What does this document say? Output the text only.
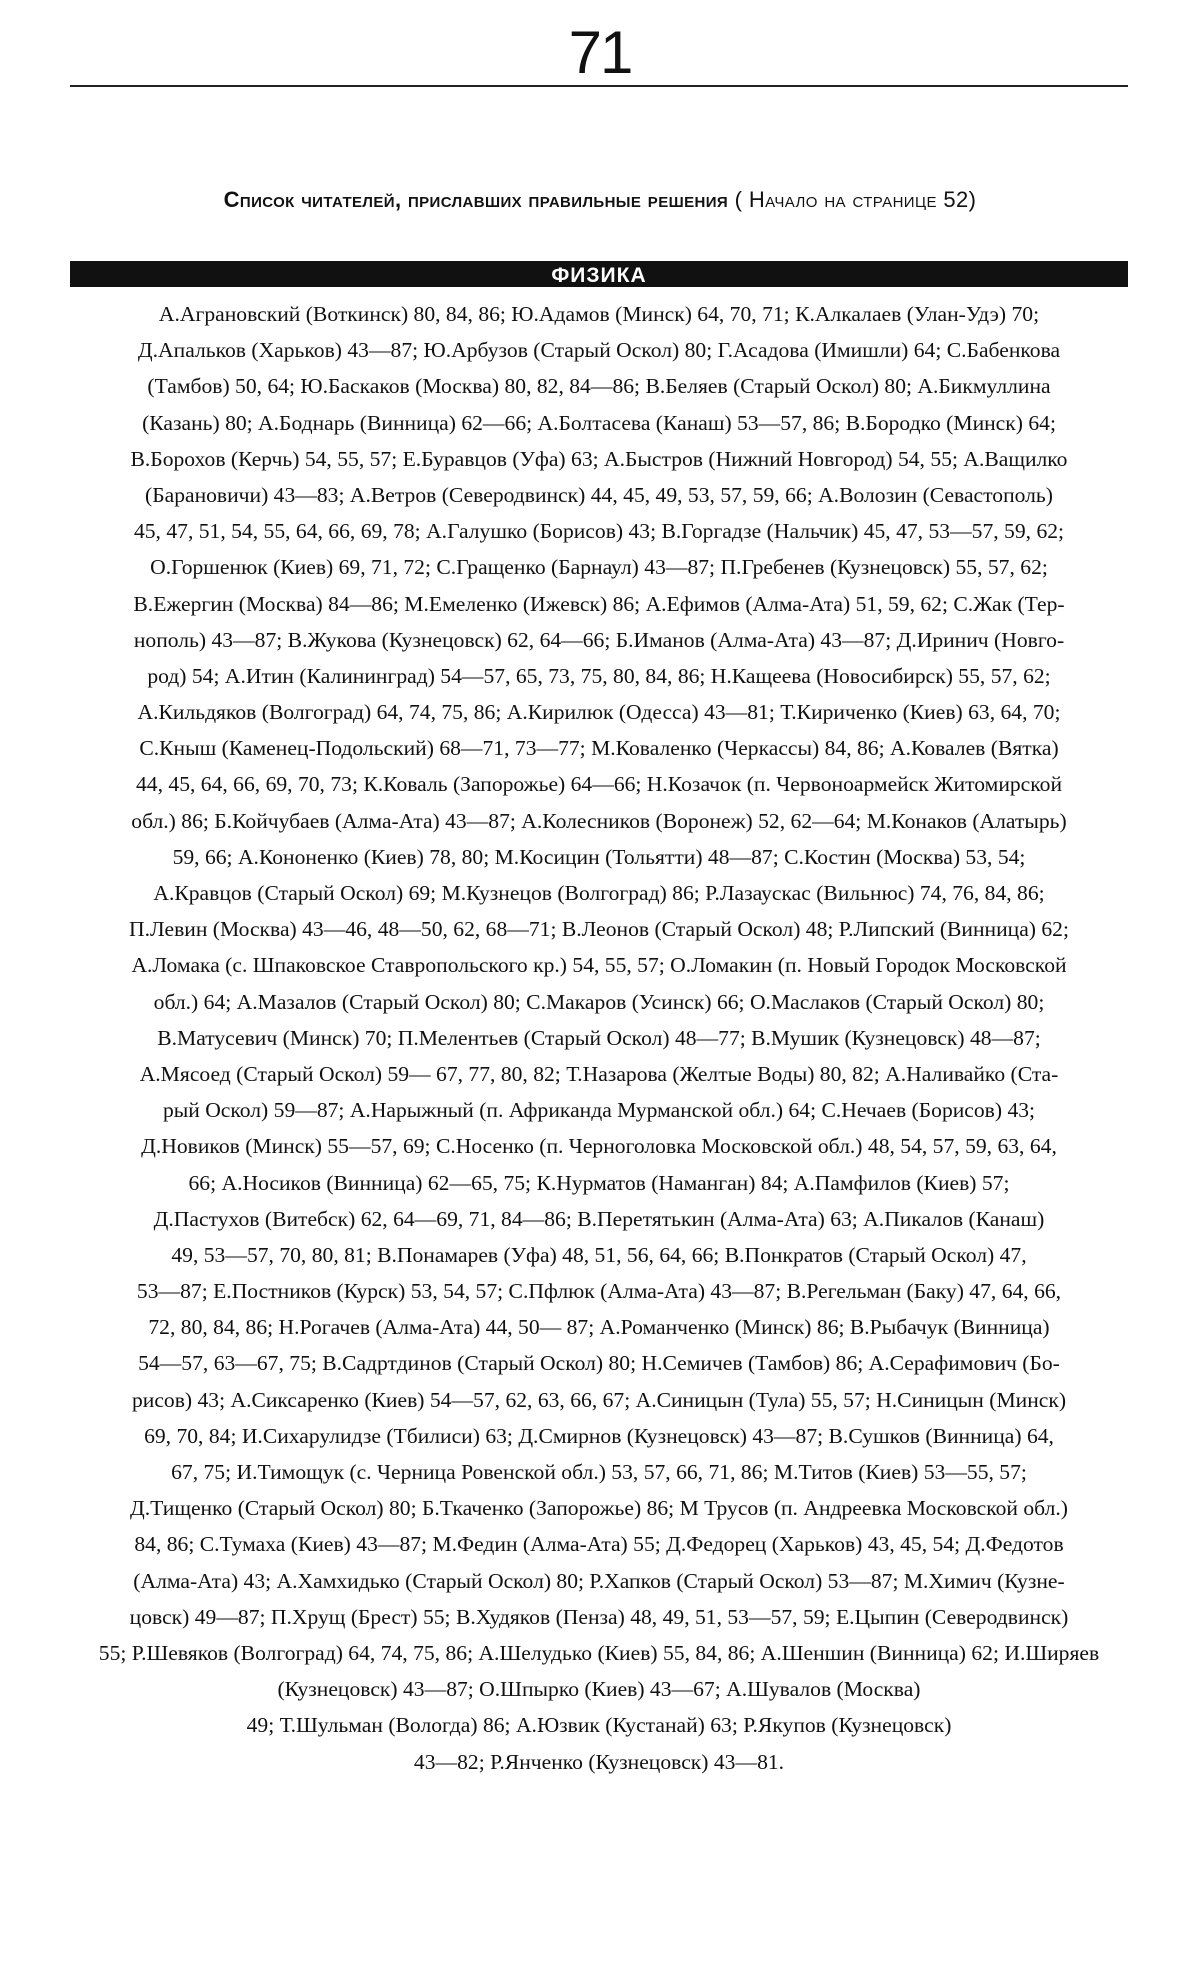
71
Список читателей, приславших правильные решения ( Начало на странице 52)
ФИЗИКА
А.Аграновский (Воткинск) 80, 84, 86; Ю.Адамов (Минск) 64, 70, 71; К.Алкалаев (Улан-Удэ) 70;
Д.Апальков (Харьков) 43—87; Ю.Арбузов (Старый Оскол) 80; Г.Асадова (Имишли) 64; С.Бабенкова
(Тамбов) 50, 64; Ю.Баскаков (Москва) 80, 82, 84—86; В.Беляев (Старый Оскол) 80; А.Бикмуллина
(Казань) 80; А.Боднарь (Винница) 62—66; А.Болтасева (Канаш) 53—57, 86; В.Бородко (Минск) 64;
В.Борохов (Керчь) 54, 55, 57; Е.Буравцов (Уфа) 63; А.Быстров (Нижний Новгород) 54, 55; А.Ващилко
(Барановичи) 43—83; А.Ветров (Северодвинск) 44, 45, 49, 53, 57, 59, 66; А.Волозин (Севастополь)
45, 47, 51, 54, 55, 64, 66, 69, 78; А.Галушко (Борисов) 43; В.Горгадзе (Нальчик) 45, 47, 53—57, 59, 62;
О.Горшенюк (Киев) 69, 71, 72; С.Гращенко (Барнаул) 43—87; П.Гребенев (Кузнецовск) 55, 57, 62;
В.Ежергин (Москва) 84—86; М.Емеленко (Ижевск) 86; А.Ефимов (Алма-Ата) 51, 59, 62; С.Жак (Тер-
нополь) 43—87; В.Жукова (Кузнецовск) 62, 64—66; Б.Иманов (Алма-Ата) 43—87; Д.Иринич (Новго-
род) 54; А.Итин (Калининград) 54—57, 65, 73, 75, 80, 84, 86; Н.Кащеева (Новосибирск) 55, 57, 62;
А.Кильдяков (Волгоград) 64, 74, 75, 86; А.Кирилюк (Одесса) 43—81; Т.Кириченко (Киев) 63, 64, 70;
С.Кныш (Каменец-Подольский) 68—71, 73—77; М.Коваленко (Черкассы) 84, 86; А.Ковалев (Вятка)
44, 45, 64, 66, 69, 70, 73; К.Коваль (Запорожье) 64—66; Н.Козачок (п. Червоноармейск Житомирской
обл.) 86; Б.Койчубаев (Алма-Ата) 43—87; А.Колесников (Воронеж) 52, 62—64; М.Конаков (Алатырь)
59, 66; А.Кононенко (Киев) 78, 80; М.Косицин (Тольятти) 48—87; С.Костин (Москва) 53, 54;
А.Кравцов (Старый Оскол) 69; М.Кузнецов (Волгоград) 86; Р.Лазаускас (Вильнюс) 74, 76, 84, 86;
П.Левин (Москва) 43—46, 48—50, 62, 68—71; В.Леонов (Старый Оскол) 48; Р.Липский (Винница) 62;
А.Ломака (с. Шпаковское Ставропольского кр.) 54, 55, 57; О.Ломакин (п. Новый Городок Московской
обл.) 64; А.Мазалов (Старый Оскол) 80; С.Макаров (Усинск) 66; О.Маслаков (Старый Оскол) 80;
В.Матусевич (Минск) 70; П.Мелентьев (Старый Оскол) 48—77; В.Мушик (Кузнецовск) 48—87;
А.Мясоед (Старый Оскол) 59— 67, 77, 80, 82; Т.Назарова (Желтые Воды) 80, 82; А.Наливайко (Ста-
рый Оскол) 59—87; А.Нарыжный (п. Африканда Мурманской обл.) 64; С.Нечаев (Борисов) 43;
Д.Новиков (Минск) 55—57, 69; С.Носенко (п. Черноголовка Московской обл.) 48, 54, 57, 59, 63, 64,
66; А.Носиков (Винница) 62—65, 75; К.Нурматов (Наманган) 84; А.Памфилов (Киев) 57;
Д.Пастухов (Витебск) 62, 64—69, 71, 84—86; В.Перетятькин (Алма-Ата) 63; А.Пикалов (Канаш)
49, 53—57, 70, 80, 81; В.Понамарев (Уфа) 48, 51, 56, 64, 66; В.Понкратов (Старый Оскол) 47,
53—87; Е.Постников (Курск) 53, 54, 57; С.Пфлюк (Алма-Ата) 43—87; В.Регельман (Баку) 47, 64, 66,
72, 80, 84, 86; Н.Рогачев (Алма-Ата) 44, 50— 87; А.Романченко (Минск) 86; В.Рыбачук (Винница)
54—57, 63—67, 75; В.Садртдинов (Старый Оскол) 80; Н.Семичев (Тамбов) 86; А.Серафимович (Бо-
рисов) 43; А.Сиксаренко (Киев) 54—57, 62, 63, 66, 67; А.Синицын (Тула) 55, 57; Н.Синицын (Минск)
69, 70, 84; И.Сихарулидзе (Тбилиси) 63; Д.Смирнов (Кузнецовск) 43—87; В.Сушков (Винница) 64,
67, 75; И.Тимощук (с. Черница Ровенской обл.) 53, 57, 66, 71, 86; М.Титов (Киев) 53—55, 57;
Д.Тищенко (Старый Оскол) 80; Б.Ткаченко (Запорожье) 86; М Трусов (п. Андреевка Московской обл.)
84, 86; С.Тумаха (Киев) 43—87; М.Федин (Алма-Ата) 55; Д.Федорец (Харьков) 43, 45, 54; Д.Федотов
(Алма-Ата) 43; А.Хамхидько (Старый Оскол) 80; Р.Хапков (Старый Оскол) 53—87; М.Химич (Кузне-
цовск) 49—87; П.Хрущ (Брест) 55; В.Худяков (Пенза) 48, 49, 51, 53—57, 59; Е.Цыпин (Северодвинск)
55; Р.Шевяков (Волгоград) 64, 74, 75, 86; А.Шелудько (Киев) 55, 84, 86; А.Шеншин (Винница) 62; И.Ширяев
(Кузнецовск) 43—87; О.Шпырко (Киев) 43—67; А.Шувалов (Москва)
49; Т.Шульман (Вологда) 86; А.Юзвик (Кустанай) 63; Р.Якупов (Кузнецовск)
43—82; Р.Янченко (Кузнецовск) 43—81.
